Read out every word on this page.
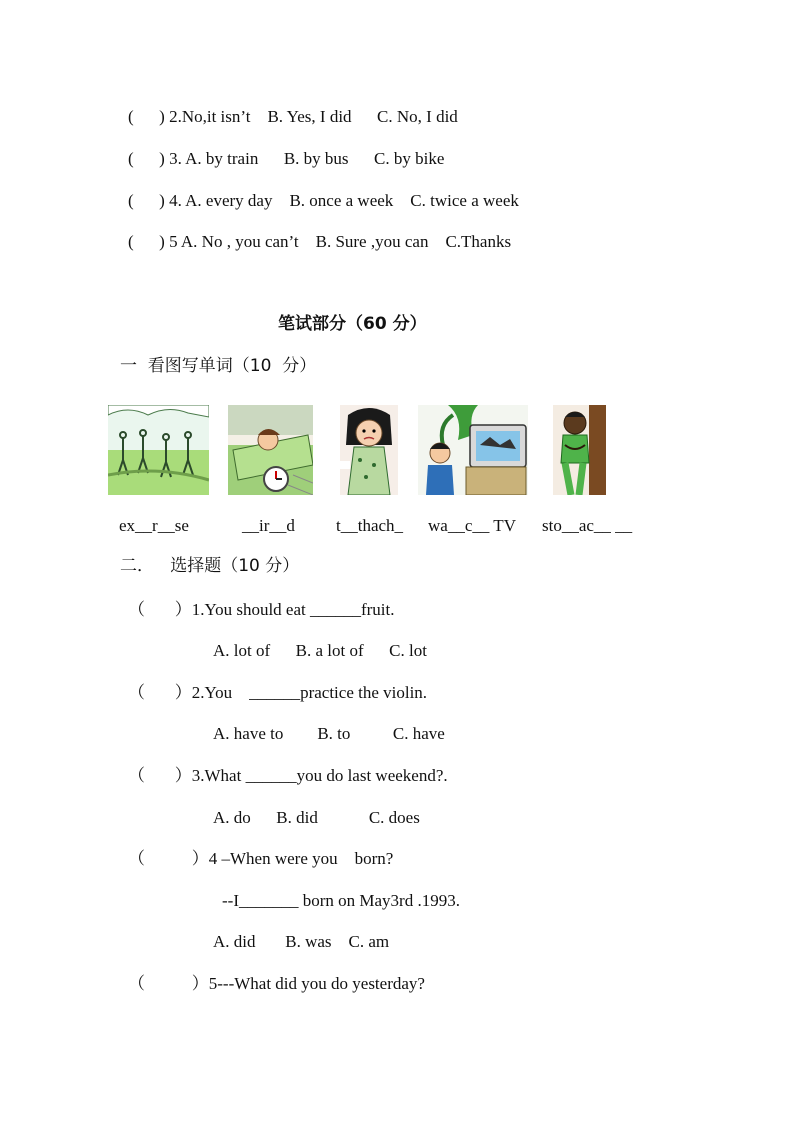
(      ) 2.No,it isn’t    B. Yes, I did      C. No, I did
(      ) 3. A. by train      B. by bus      C. by bike
(      ) 4. A. every day    B. once a week    C. twice a week
(      ) 5 A. No , you can’t    B. Sure ,you can    C.Thanks
笔试部分（60 分）
一  看图写单词（10  分）
ex__r__se	__ir__d t__thach_ wa__c__ TV sto__ac__ __
二．   选择题（10 分）
（       ）1.You should eat ______fruit.
A. lot of      B. a lot of      C. lot
（       ）2.You    ______practice the violin.
A. have to        B. to          C. have
（       ）3.What ______you do last weekend?.
A. do      B. did            C. does
（           ）4 –When were you    born?
--I_______ born on May3rd .1993.
A. did       B. was    C. am
（           ）5---What did you do yesterday?
